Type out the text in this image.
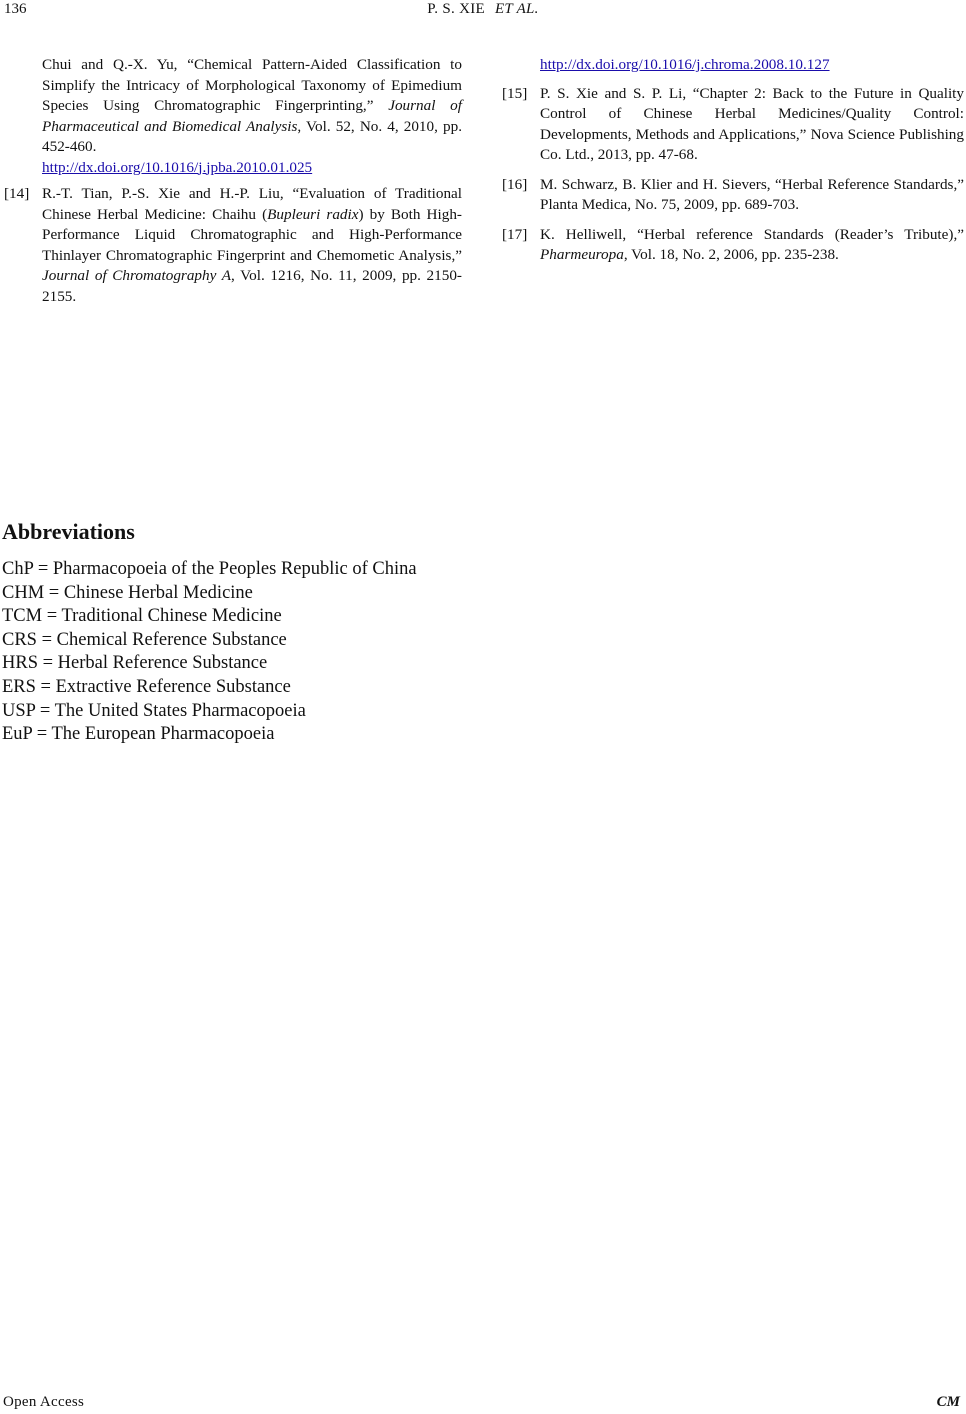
136	P. S. XIE ET AL.
Chui and Q.-X. Yu, “Chemical Pattern-Aided Classification to Simplify the Intricacy of Morphological Taxonomy of Epimedium Species Using Chromatographic Fingerprinting,” Journal of Pharmaceutical and Biomedical Analysis, Vol. 52, No. 4, 2010, pp. 452-460.
http://dx.doi.org/10.1016/j.jpba.2010.01.025
[14] R.-T. Tian, P.-S. Xie and H.-P. Liu, “Evaluation of Traditional Chinese Herbal Medicine: Chaihu (Bupleuri radix) by Both High-Performance Liquid Chromatographic and High-Performance Thinlayer Chromatographic Fingerprint and Chemometic Analysis,” Journal of Chromatography A, Vol. 1216, No. 11, 2009, pp. 2150-2155.
http://dx.doi.org/10.1016/j.chroma.2008.10.127
[15] P. S. Xie and S. P. Li, “Chapter 2: Back to the Future in Quality Control of Chinese Herbal Medicines/Quality Control: Developments, Methods and Applications,” Nova Science Publishing Co. Ltd., 2013, pp. 47-68.
[16] M. Schwarz, B. Klier and H. Sievers, “Herbal Reference Standards,” Planta Medica, No. 75, 2009, pp. 689-703.
[17] K. Helliwell, “Herbal reference Standards (Reader’s Tribute),” Pharmeuropa, Vol. 18, No. 2, 2006, pp. 235-238.
Abbreviations
ChP = Pharmacopoeia of the Peoples Republic of China
CHM = Chinese Herbal Medicine
TCM = Traditional Chinese Medicine
CRS = Chemical Reference Substance
HRS = Herbal Reference Substance
ERS = Extractive Reference Substance
USP = The United States Pharmacopoeia
EuP = The European Pharmacopoeia
Open Access	CM
